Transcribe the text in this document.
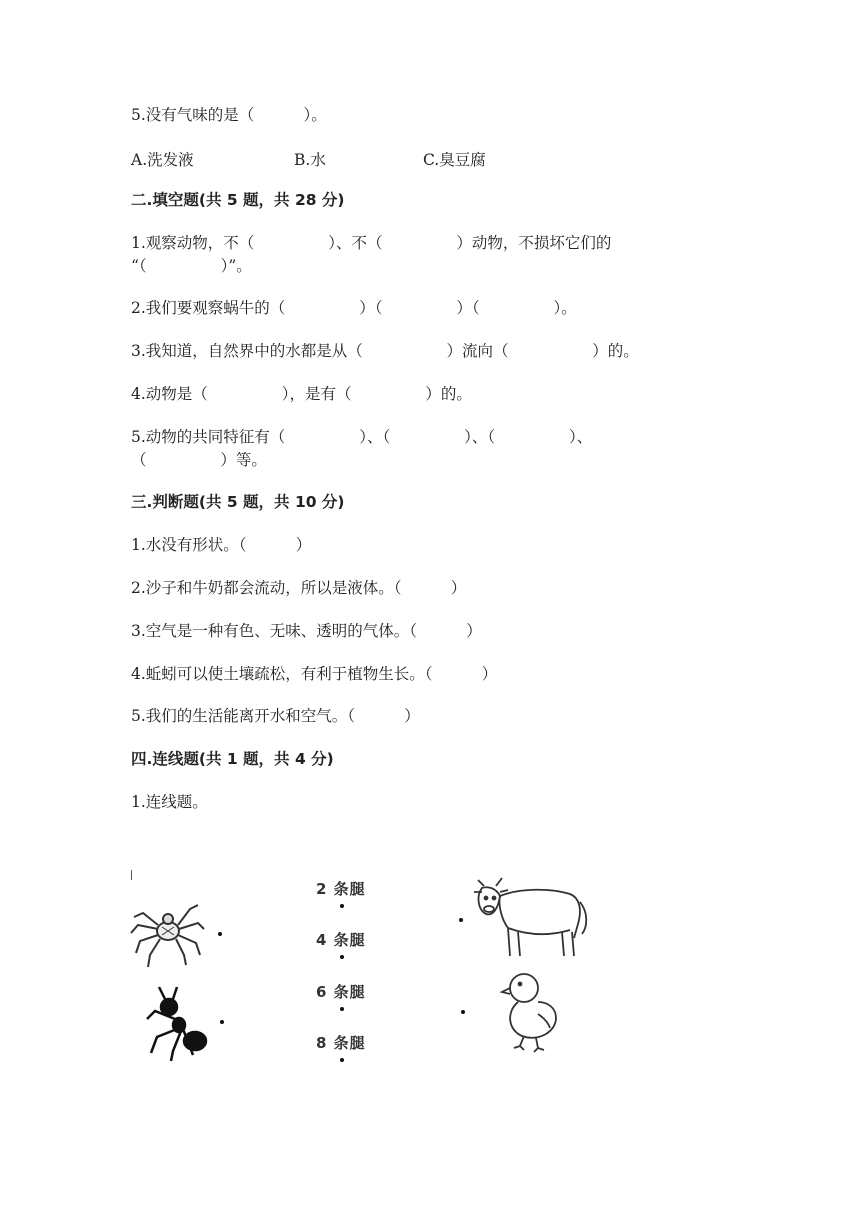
5.没有气味的是（          ）。
A.洗发液	B.水	C.臭豆腐
二.填空题(共 5 题，共 28 分)
1.观察动物，不（               ）、不（               ）动物，不损坏它们的
“（               ）”。
2.我们要观察蜗牛的（               ）（               ）（               ）。
3.我知道，自然界中的水都是从（                 ）流向（                 ）的。
4.动物是（               ），是有（               ）的。
5.动物的共同特征有（               ）、（               ）、（               ）、
（               ）等。
三.判断题(共 5 题，共 10 分)
1.水没有形状。（          ）
2.沙子和牛奶都会流动，所以是液体。（          ）
3.空气是一种有色、无味、透明的气体。（          ）
4.蚯蚓可以使土壤疏松，有利于植物生长。（          ）
5.我们的生活能离开水和空气。（          ）
四.连线题(共 1 题，共 4 分)
1.连线题。
2 条腿
4 条腿
6 条腿
8 条腿
